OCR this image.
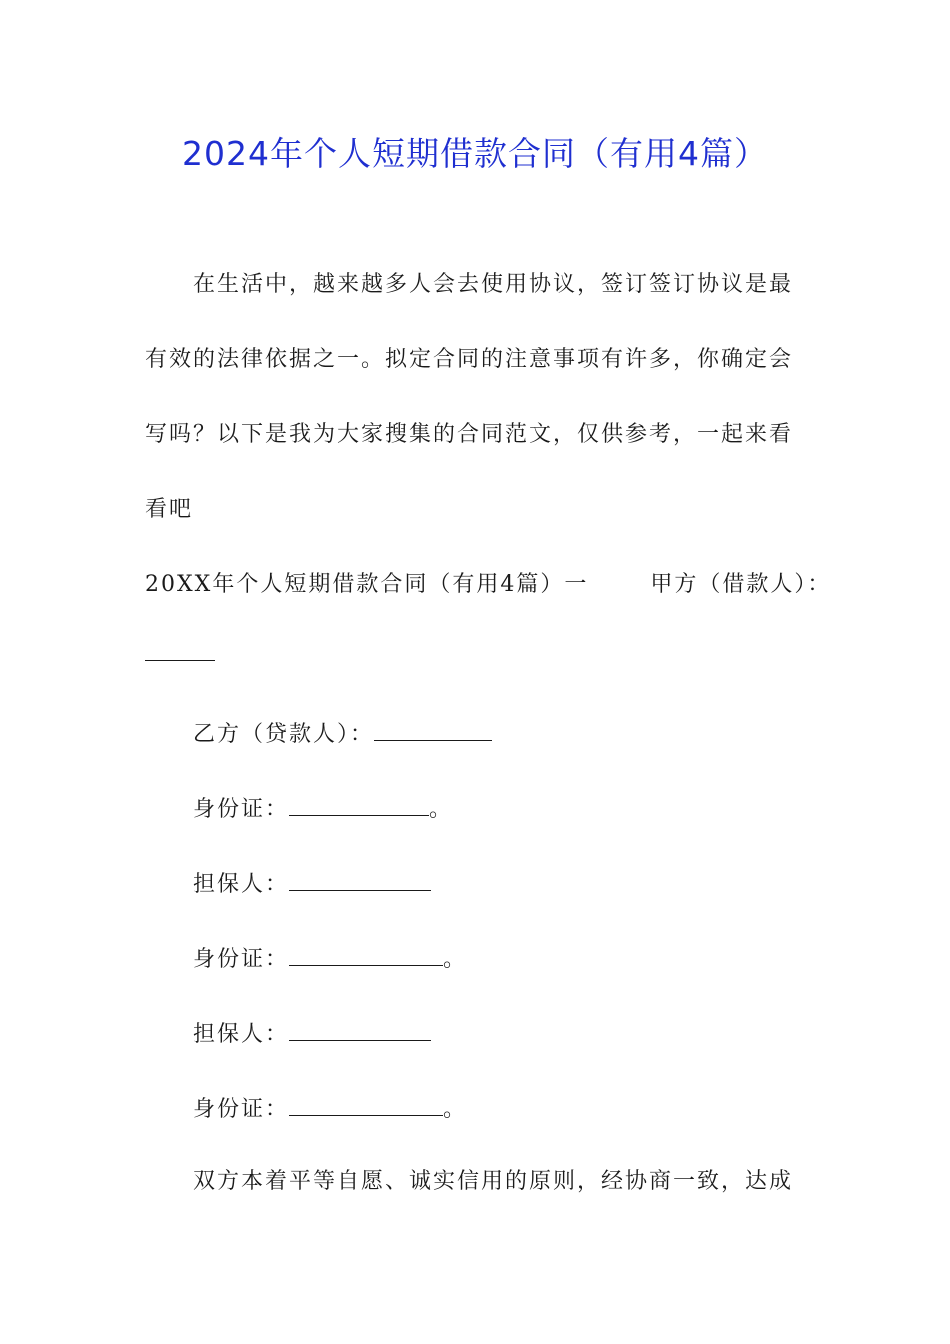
2024年个人短期借款合同（有用4篇）
在生活中，越来越多人会去使用协议，签订签订协议是最
有效的法律依据之一。拟定合同的注意事项有许多，你确定会
写吗？以下是我为大家搜集的合同范文，仅供参考，一起来看
看吧
20XX年个人短期借款合同（有用4篇）一	甲方（借款人）：
乙方（贷款人）：
身份证：	。
担保人：
身份证：	。
担保人：
身份证：	。
双方本着平等自愿、诚实信用的原则，经协商一致，达成
